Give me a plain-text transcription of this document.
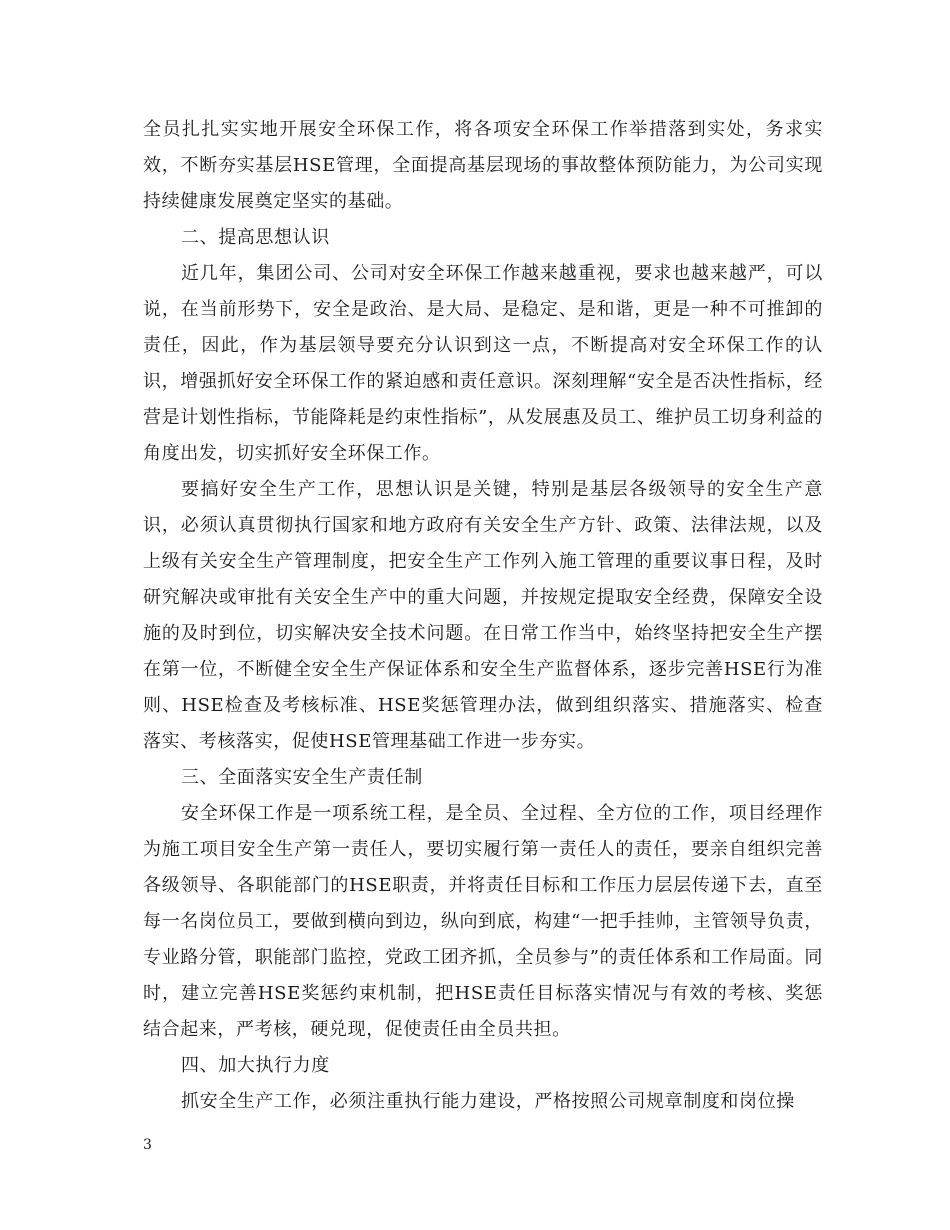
全员扎扎实实地开展安全环保工作，将各项安全环保工作举措落到实处，务求实效，不断夯实基层HSE管理，全面提高基层现场的事故整体预防能力，为公司实现持续健康发展奠定坚实的基础。

二、提高思想认识

近几年，集团公司、公司对安全环保工作越来越重视，要求也越来越严，可以说，在当前形势下，安全是政治、是大局、是稳定、是和谐，更是一种不可推卸的责任，因此，作为基层领导要充分认识到这一点，不断提高对安全环保工作的认识，增强抓好安全环保工作的紧迫感和责任意识。深刻理解“安全是否决性指标，经营是计划性指标，节能降耗是约束性指标”，从发展惠及员工、维护员工切身利益的角度出发，切实抓好安全环保工作。

要搞好安全生产工作，思想认识是关键，特别是基层各级领导的安全生产意识，必须认真贯彻执行国家和地方政府有关安全生产方针、政策、法律法规，以及上级有关安全生产管理制度，把安全生产工作列入施工管理的重要议事日程，及时研究解决或审批有关安全生产中的重大问题，并按规定提取安全经费，保障安全设施的及时到位，切实解决安全技术问题。在日常工作当中，始终坚持把安全生产摆在第一位，不断健全安全生产保证体系和安全生产监督体系，逐步完善HSE行为准则、HSE检查及考核标准、HSE奖惩管理办法，做到组织落实、措施落实、检查落实、考核落实，促使HSE管理基础工作进一步夯实。

三、全面落实安全生产责任制

安全环保工作是一项系统工程，是全员、全过程、全方位的工作，项目经理作为施工项目安全生产第一责任人，要切实履行第一责任人的责任，要亲自组织完善各级领导、各职能部门的HSE职责，并将责任目标和工作压力层层传递下去，直至每一名岗位员工，要做到横向到边，纵向到底，构建“一把手挂帅，主管领导负责，专业路分管，职能部门监控，党政工团齐抓，全员参与”的责任体系和工作局面。同时，建立完善HSE奖惩约束机制，把HSE责任目标落实情况与有效的考核、奖惩结合起来，严考核，硬兑现，促使责任由全员共担。

四、加大执行力度

抓安全生产工作，必须注重执行能力建设，严格按照公司规章制度和岗位操

3
